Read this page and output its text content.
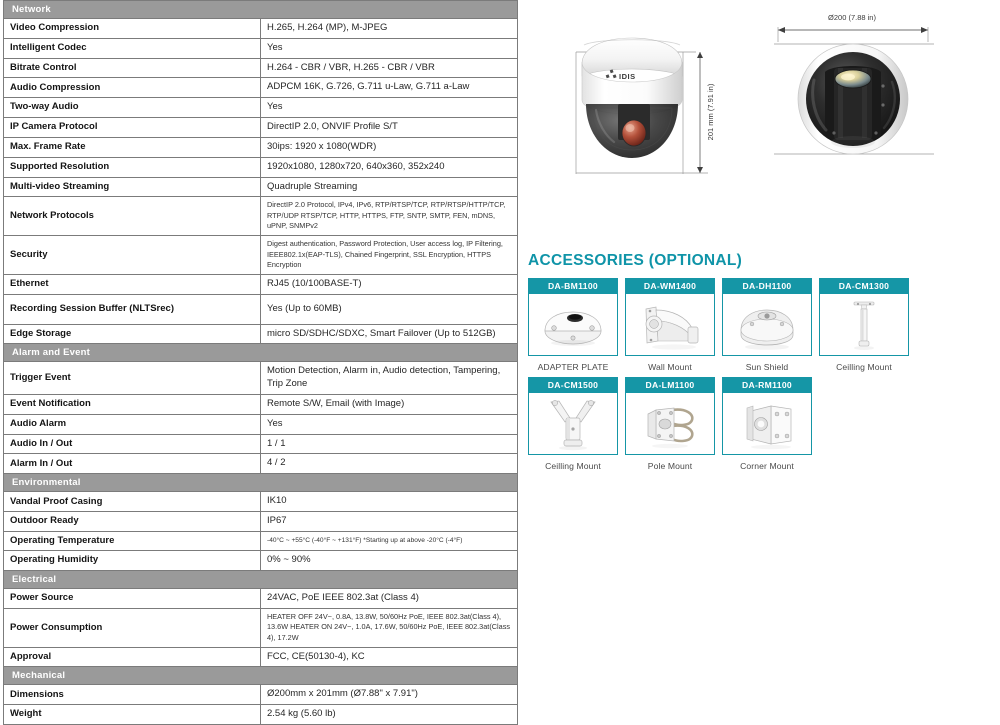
Network	
Video Compression	H.265, H.264 (MP), M-JPEG
Intelligent Codec	Yes
Bitrate Control	H.264 - CBR / VBR, H.265 - CBR / VBR
Audio Compression	ADPCM 16K, G.726, G.711 u-Law, G.711 a-Law
Two-way Audio	Yes
IP Camera Protocol	DirectIP 2.0, ONVIF Profile S/T
Max. Frame Rate	30ips: 1920 x 1080(WDR)
Supported Resolution	1920x1080, 1280x720, 640x360, 352x240
Multi-video Streaming	Quadruple Streaming
Network Protocols	DirectIP 2.0 Protocol, IPv4, IPv6, RTP/RTSP/TCP, RTP/RTSP/HTTP/TCP, RTP/UDP RTSP/TCP, HTTP, HTTPS, FTP, SNTP, SMTP, FEN, mDNS, uPNP, SNMPv2
Security	Digest authentication, Password Protection, User access log, IP Filtering, IEEE802.1x(EAP-TLS), Chained Fingerprint, SSL Encryption, HTTPS Encryption
Ethernet	RJ45 (10/100BASE-T)
Recording Session Buffer (NLTSrec)	Yes (Up to 60MB)
Edge Storage	micro SD/SDHC/SDXC, Smart Failover (Up to 512GB)
Alarm and Event	
Trigger Event	Motion Detection, Alarm in, Audio detection, Tampering, Trip Zone
Event Notification	Remote S/W, Email (with Image)
Audio Alarm	Yes
Audio In / Out	1 / 1
Alarm In / Out	4 / 2
Environmental	
Vandal Proof Casing	IK10
Outdoor Ready	IP67
Operating Temperature	-40°C ~ +55°C (-40°F ~ +131°F) *Starting up at above -20°C (-4°F)
Operating Humidity	0% ~ 90%
Electrical	
Power Source	24VAC, PoE IEEE 802.3at (Class 4)
Power Consumption	HEATER OFF 24V~, 0.8A, 13.8W, 50/60Hz PoE, IEEE 802.3at(Class 4), 13.6W HEATER ON 24V~, 1.0A, 17.6W, 50/60Hz PoE, IEEE 802.3at(Class 4), 17.2W
Approval	FCC, CE(50130-4), KC
Mechanical	
Dimensions	Ø200mm x 201mm (Ø7.88" x 7.91")
Weight	2.54 kg (5.60 lb)
IDIS
201 mm (7.91 in)
Ø200 (7.88 in)
ACCESSORIES (OPTIONAL)
DA-BM1100
ADAPTER PLATE
DA-WM1400
Wall Mount
DA-DH1100
Sun Shield
DA-CM1300
Ceilling Mount
DA-CM1500
Ceilling Mount
DA-LM1100
Pole Mount
DA-RM1100
Corner Mount
